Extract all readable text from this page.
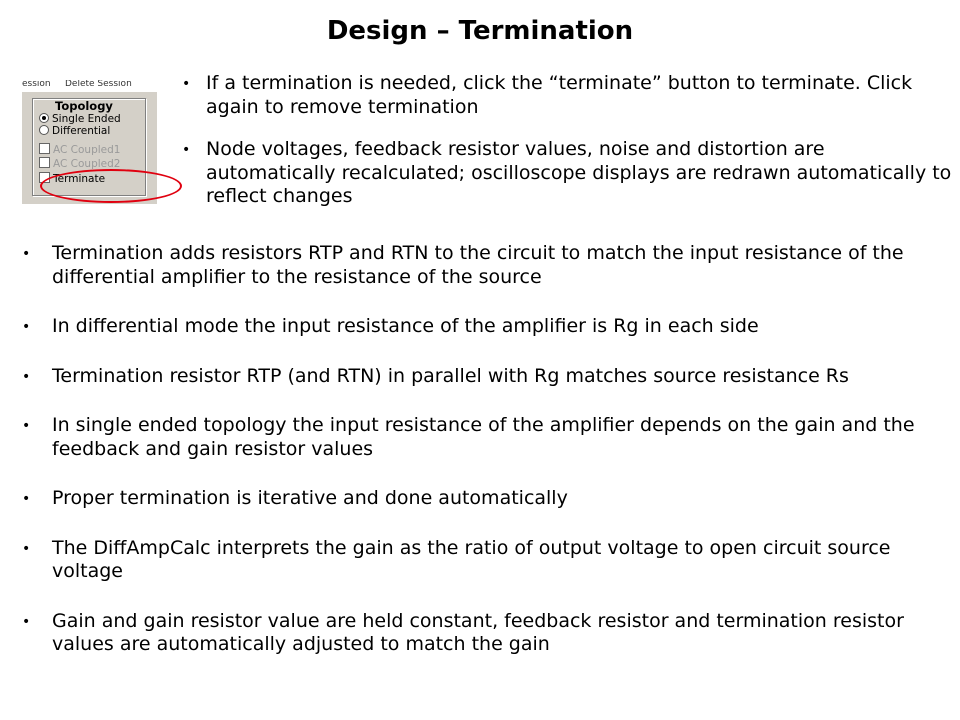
Design – Termination
ession Delete Session
Topology
Single Ended
Differential
AC Coupled1
AC Coupled2
Terminate
• If a termination is needed, click the “terminate” button to terminate. Click again to remove termination
• Node voltages, feedback resistor values, noise and distortion are automatically recalculated; oscilloscope displays are redrawn automatically to reflect changes
• Termination adds resistors RTP and RTN to the circuit to match the input resistance of the differential amplifier to the resistance of the source
• In differential mode the input resistance of the amplifier is Rg in each side
• Termination resistor RTP (and RTN) in parallel with Rg matches source resistance Rs
• In single ended topology the input resistance of the amplifier depends on the gain and the feedback and gain resistor values
• Proper termination is iterative and done automatically
• The DiffAmpCalc interprets the gain as the ratio of output voltage to open circuit source voltage
• Gain and gain resistor value are held constant, feedback resistor and termination resistor values are automatically adjusted to match the gain
